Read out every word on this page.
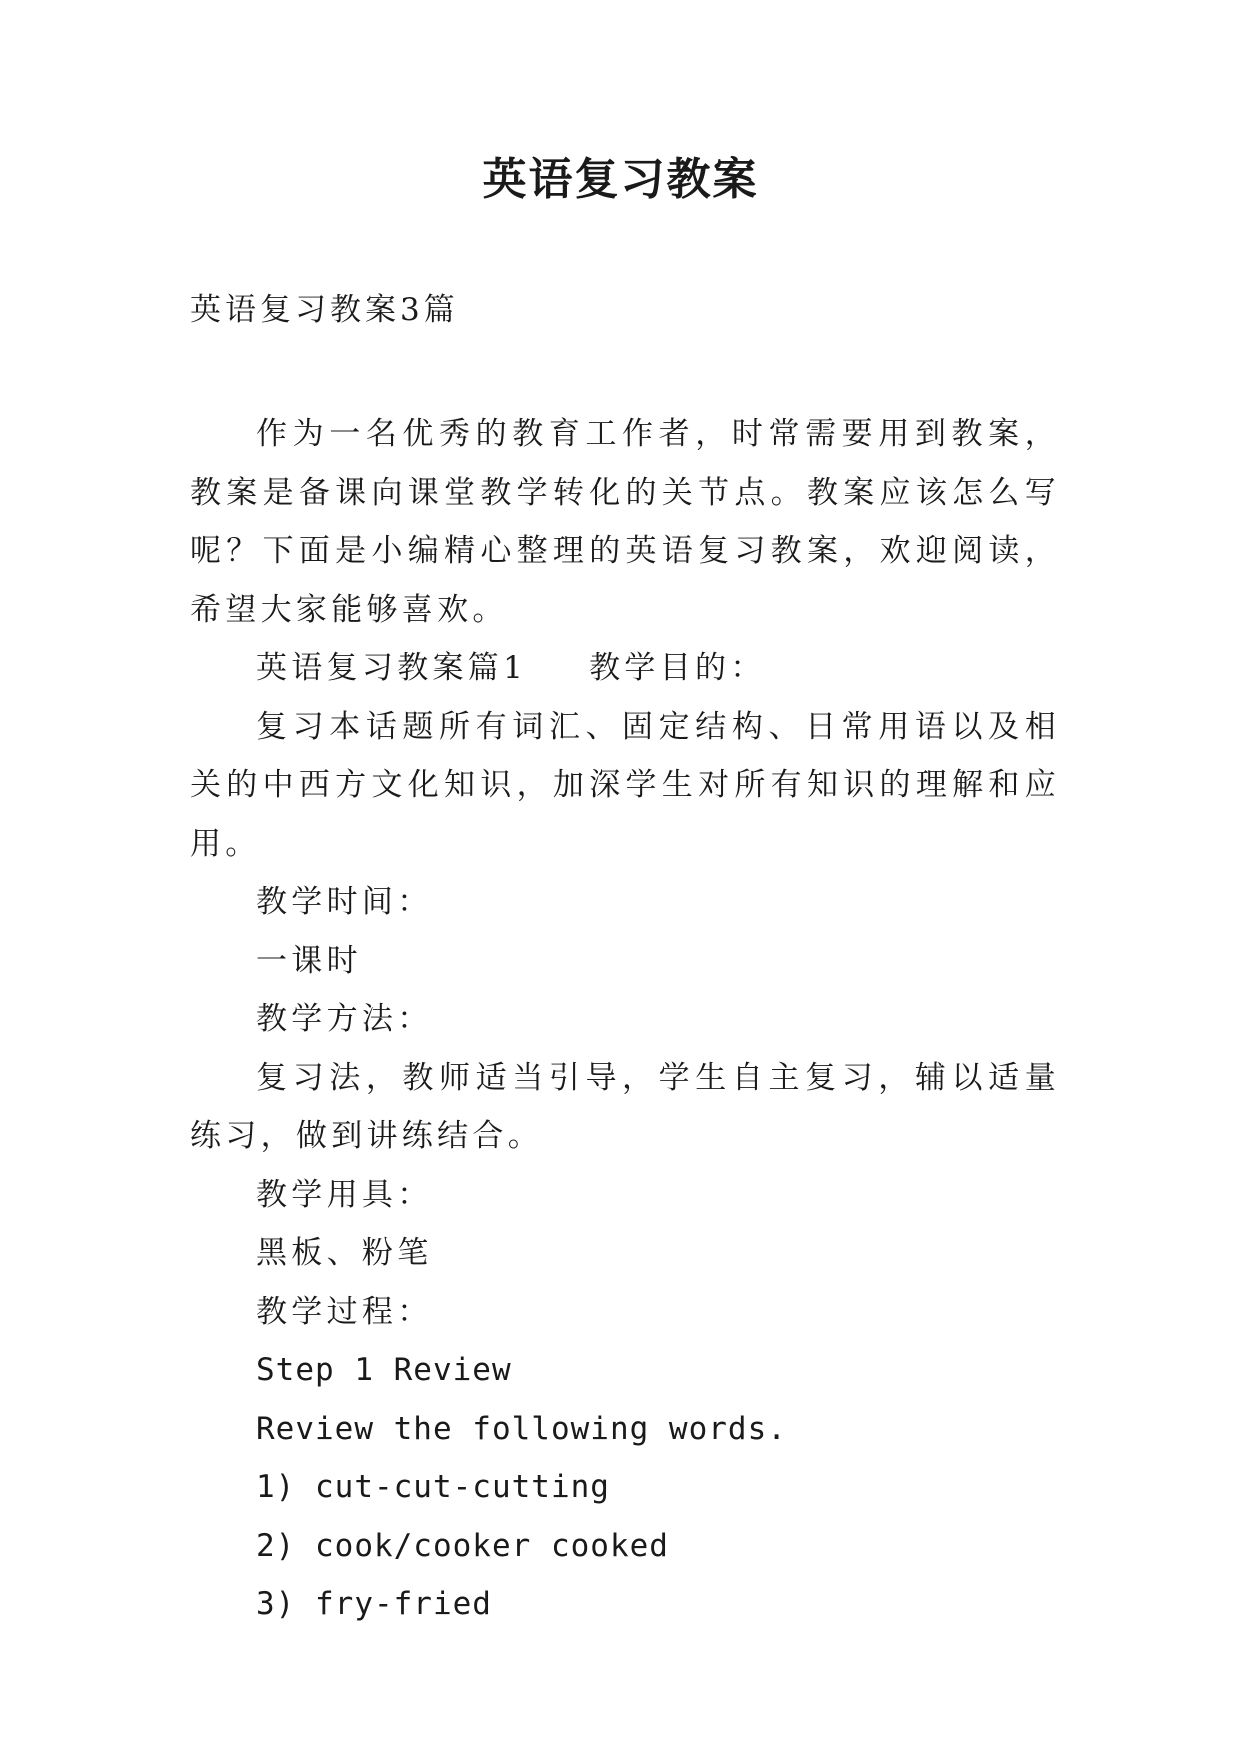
英语复习教案
英语复习教案3篇

作为一名优秀的教育工作者，时常需要用到教案，教案是备课向课堂教学转化的关节点。教案应该怎么写呢？下面是小编精心整理的英语复习教案，欢迎阅读，希望大家能够喜欢。

英语复习教案篇1 教学目的：

复习本话题所有词汇、固定结构、日常用语以及相关的中西方文化知识，加深学生对所有知识的理解和应用。

教学时间：

一课时

教学方法：

复习法，教师适当引导，学生自主复习，辅以适量练习，做到讲练结合。

教学用具：

黑板、粉笔

教学过程：

Step 1 Review

Review the following words.

1) cut-cut-cutting

2) cook/cooker cooked

3) fry-fried
